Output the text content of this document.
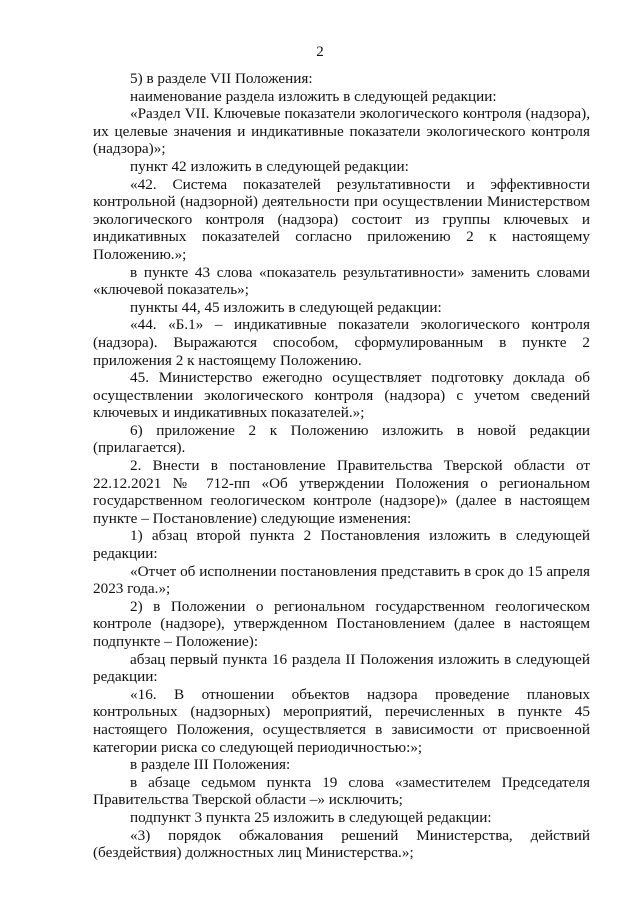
2

5) в разделе VII Положения:

наименование раздела изложить в следующей редакции:

«Раздел VII. Ключевые показатели экологического контроля (надзора), их целевые значения и индикативные показатели экологического контроля (надзора)»;

пункт 42 изложить в следующей редакции:

«42. Система показателей результативности и эффективности контрольной (надзорной) деятельности при осуществлении Министерством экологического контроля (надзора) состоит из группы ключевых и индикативных показателей согласно приложению 2 к настоящему Положению.»;

в пункте 43 слова «показатель результативности» заменить словами «ключевой показатель»;

пункты 44, 45 изложить в следующей редакции:

«44. «Б.1» – индикативные показатели экологического контроля (надзора). Выражаются способом, сформулированным в пункте 2 приложения 2 к настоящему Положению.

45. Министерство ежегодно осуществляет подготовку доклада об осуществлении экологического контроля (надзора) с учетом сведений ключевых и индикативных показателей.»;

6) приложение 2 к Положению изложить в новой редакции (прилагается).

2. Внести в постановление Правительства Тверской области от 22.12.2021 № 712-пп «Об утверждении Положения о региональном государственном геологическом контроле (надзоре)» (далее в настоящем пункте – Постановление) следующие изменения:

1) абзац второй пункта 2 Постановления изложить в следующей редакции:

«Отчет об исполнении постановления представить в срок до 15 апреля 2023 года.»;

2) в Положении о региональном государственном геологическом контроле (надзоре), утвержденном Постановлением (далее в настоящем подпункте – Положение):

абзац первый пункта 16 раздела II Положения изложить в следующей редакции:

«16. В отношении объектов надзора проведение плановых контрольных (надзорных) мероприятий, перечисленных в пункте 45 настоящего Положения, осуществляется в зависимости от присвоенной категории риска со следующей периодичностью:»;

в разделе III Положения:

в абзаце седьмом пункта 19 слова «заместителем Председателя Правительства Тверской области –» исключить;

подпункт 3 пункта 25 изложить в следующей редакции:

«3) порядок обжалования решений Министерства, действий (бездействия) должностных лиц Министерства.»;
